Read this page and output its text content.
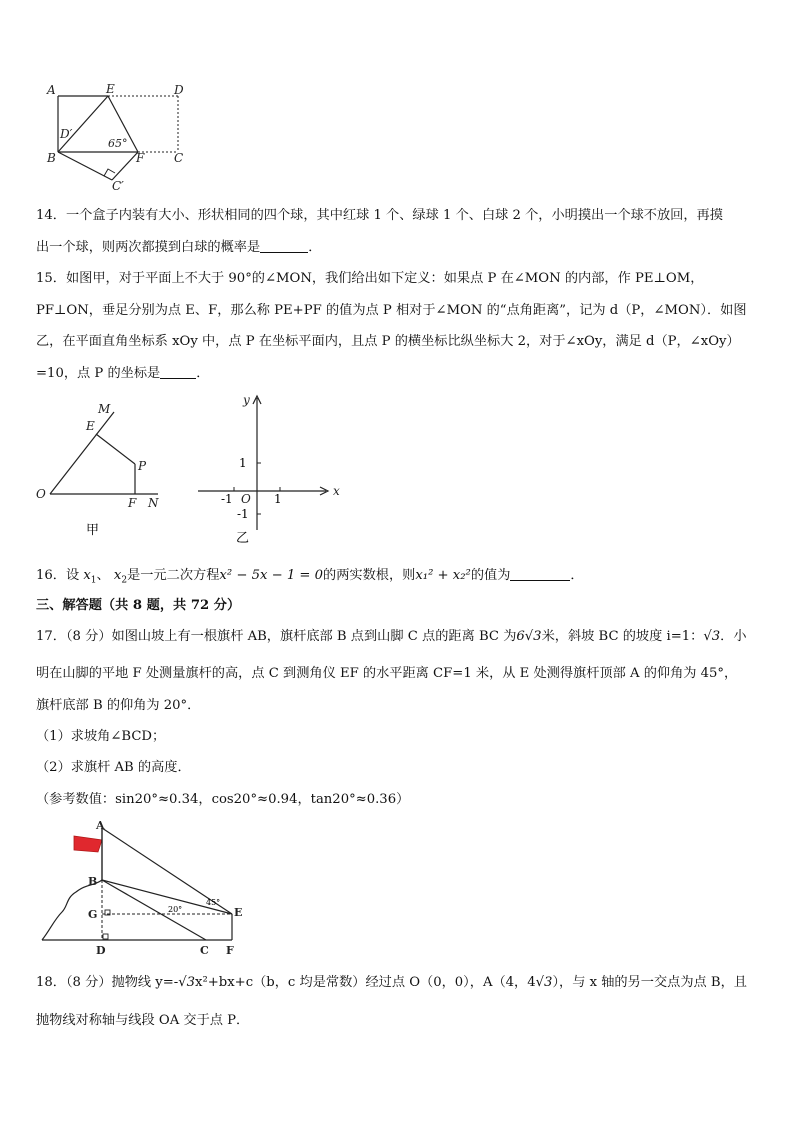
A	E	D
D′
B	F C
C′
65°
14．一个盒子内装有大小、形状相同的四个球，其中红球 1 个、绿球 1 个、白球 2 个，小明摸出一个球不放回，再摸
出一个球，则两次都摸到白球的概率是	．
15．如图甲，对于平面上不大于 90°的∠MON，我们给出如下定义：如果点 P 在∠MON 的内部，作 PE⊥OM，
PF⊥ON，垂足分别为点 E、F，那么称 PE+PF 的值为点 P 相对于∠MON 的“点角距离”，记为 d（P，∠MON）．如图
乙，在平面直角坐标系 xOy 中，点 P 在坐标平面内，且点 P 的横坐标比纵坐标大 2，对于∠xOy，满足 d（P，∠xOy）
=10，点 P 的坐标是	．
M
E
P
O
F N
甲
y
x
O
1
-1
1
-1
乙
16．设 $x_1$、 $x_2$是一元二次方程x² − 5x − 1 = 0的两实数根，则x₁² + x₂²的值为	．
三、解答题（共 8 题，共 72 分）
17．（8 分）如图山坡上有一根旗杆 AB，旗杆底部 B 点到山脚 C 点的距离 BC 为6√3米，斜坡 BC 的坡度 i=1：√3．小
明在山脚的平地 F 处测量旗杆的高，点 C 到测角仪 EF 的水平距离 CF=1 米，从 E 处测得旗杆顶部 A 的仰角为 45°，
旗杆底部 B 的仰角为 20°．
（1）求坡角∠BCD；
（2）求旗杆 AB 的高度．
（参考数值：sin20°≈0.34，cos20°≈0.94，tan20°≈0.36）
A
B
G
D	C
E
F
45°
20°
18．（8 分）抛物线 y=-√3x²+bx+c（b，c 均是常数）经过点 O（0，0），A（4，4√3），与 x 轴的另一交点为点 B，且
抛物线对称轴与线段 OA 交于点 P．
